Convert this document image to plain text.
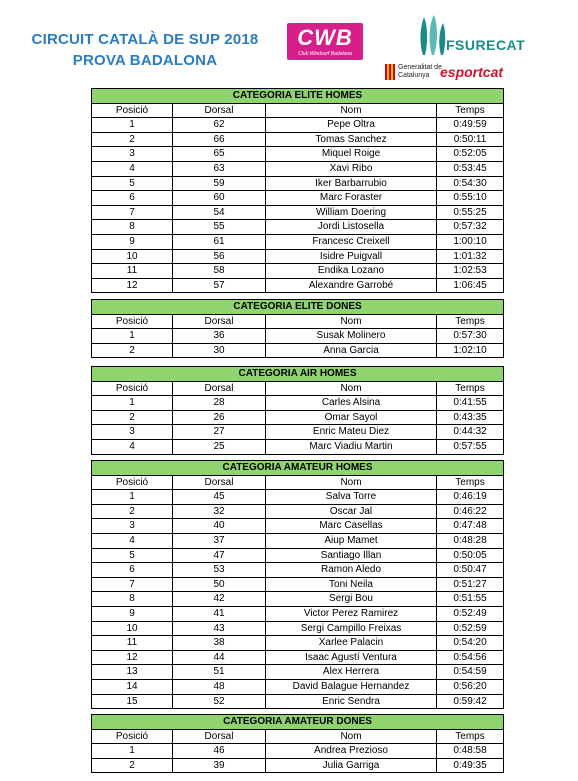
CIRCUIT CATALÀ DE SUP 2018
PROVA BADALONA
CWB
Club Windsurf Badalona
FSURECAT
Generalitat de Catalunya esportcat
CATEGORIA ELITE HOMES			
Posició	Dorsal	Nom	Temps
1	62	Pepe Oltra	0:49:59
2	66	Tomas Sanchez	0:50:11
3	65	Miquel Roige	0:52:05
4	63	Xavi Ribo	0:53:45
5	59	Iker Barbarrubio	0:54:30
6	60	Marc Foraster	0:55:10
7	54	William Doering	0:55:25
8	55	Jordi Listosella	0:57:32
9	61	Francesc Creixell	1:00:10
10	56	Isidre Puigvall	1:01:32
11	58	Endika Lozano	1:02:53
12	57	Alexandre Garrobé	1:06:45
CATEGORIA ELITE DONES			
Posició	Dorsal	Nom	Temps
1	36	Susak Molinero	0:57:30
2	30	Anna Garcia	1:02:10
CATEGORIA AIR HOMES			
Posició	Dorsal	Nom	Temps
1	28	Carles Alsina	0:41:55
2	26	Omar Sayol	0:43:35
3	27	Enric Mateu Diez	0:44:32
4	25	Marc Viadiu Martin	0:57:55
CATEGORIA AMATEUR HOMES			
Posició	Dorsal	Nom	Temps
1	45	Salva Torre	0:46:19
2	32	Oscar Jal	0:46:22
3	40	Marc Casellas	0:47:48
4	37	Aiup Mamet	0:48:28
5	47	Santiago Illan	0:50:05
6	53	Ramon Aledo	0:50:47
7	50	Toni Neila	0:51:27
8	42	Sergi Bou	0:51:55
9	41	Victor Perez Ramirez	0:52:49
10	43	Sergi Campillo Freixas	0:52:59
11	38	Xarlee Palacin	0:54:20
12	44	Isaac Agustí Ventura	0:54:56
13	51	Alex Herrera	0:54:59
14	48	David Balague Hernandez	0:56:20
15	52	Enric Sendra	0:59:42
CATEGORIA AMATEUR DONES			
Posició	Dorsal	Nom	Temps
1	46	Andrea Prezioso	0:48:58
2	39	Julia Garriga	0:49:35
